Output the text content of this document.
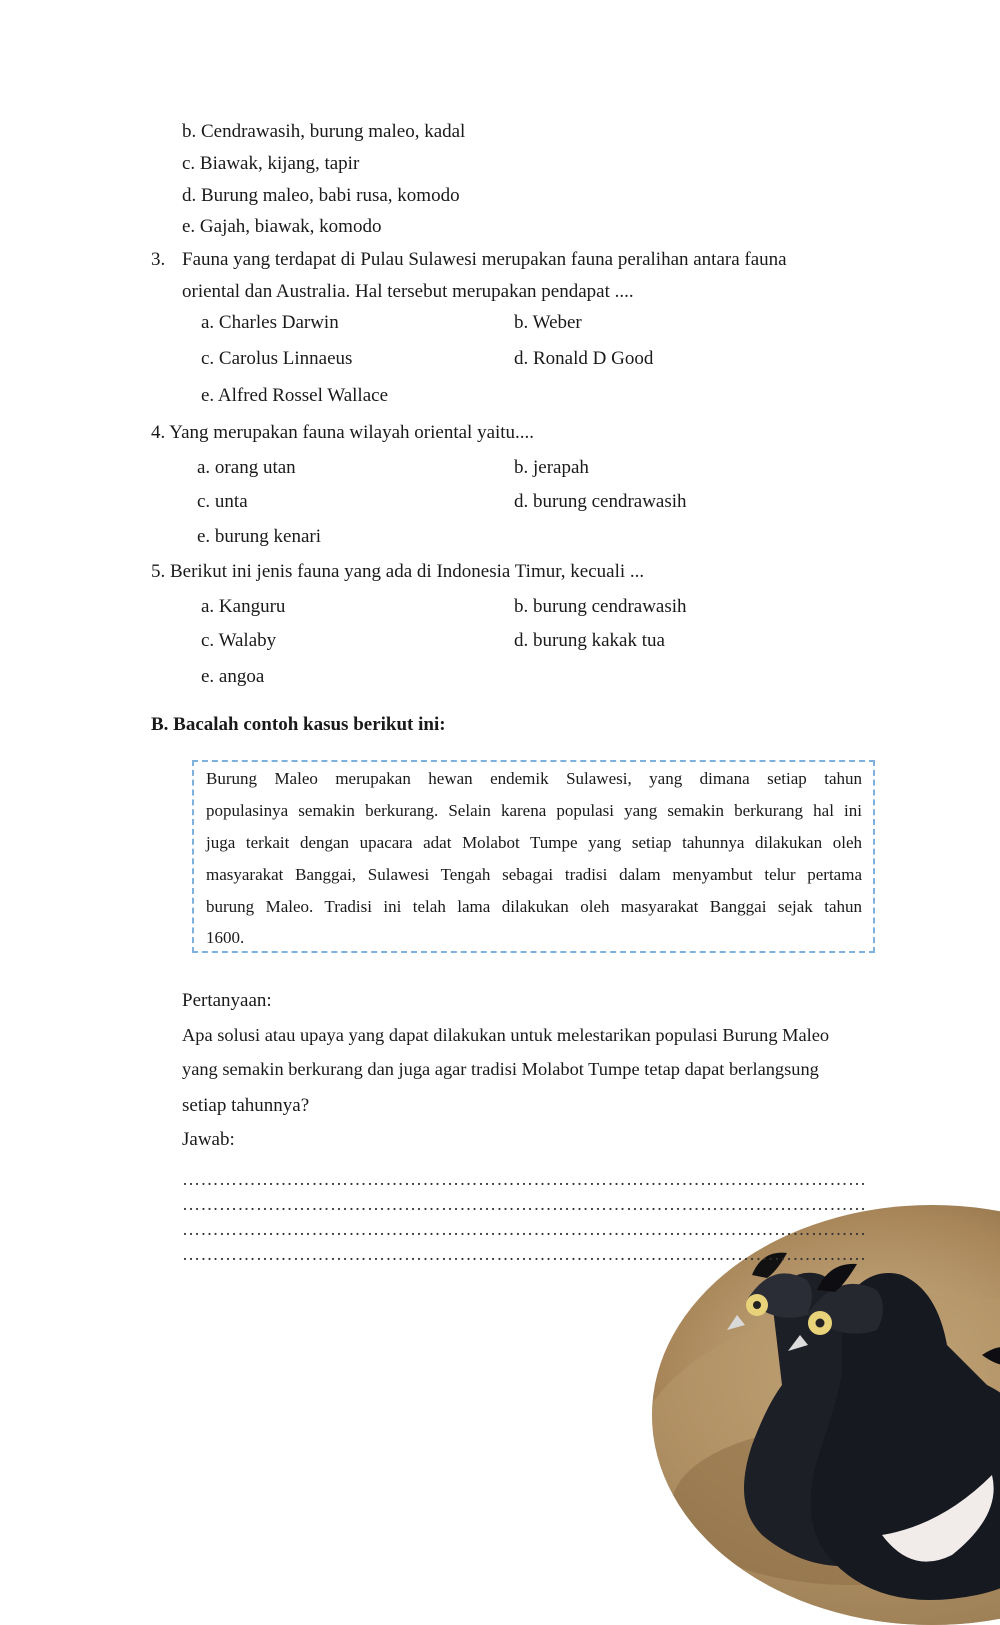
b. Cendrawasih, burung maleo, kadal
c. Biawak, kijang, tapir
d. Burung maleo, babi rusa, komodo
e. Gajah, biawak, komodo
3. Fauna yang terdapat di Pulau Sulawesi merupakan fauna peralihan antara fauna
oriental dan Australia. Hal tersebut merupakan pendapat ....
a. Charles Darwin	b. Weber
c. Carolus Linnaeus	d. Ronald D Good
e. Alfred Rossel Wallace
4. Yang merupakan fauna wilayah oriental yaitu....
a. orang utan	b. jerapah
c. unta	d. burung cendrawasih
e. burung kenari
5. Berikut ini jenis fauna yang ada di Indonesia Timur, kecuali ...
a. Kanguru	b. burung cendrawasih
c. Walaby	d. burung kakak tua
e. angoa
B. Bacalah contoh kasus berikut ini:
Burung Maleo merupakan hewan endemik Sulawesi, yang dimana setiap tahun
populasinya semakin berkurang. Selain karena populasi yang semakin berkurang hal ini
juga terkait dengan upacara adat Molabot Tumpe yang setiap tahunnya dilakukan oleh
masyarakat Banggai, Sulawesi Tengah sebagai tradisi dalam menyambut telur pertama
burung Maleo. Tradisi ini telah lama dilakukan oleh masyarakat Banggai sejak tahun
1600.
Pertanyaan:
Apa solusi atau upaya yang dapat dilakukan untuk melestarikan populasi Burung Maleo
yang semakin berkurang dan juga agar tradisi Molabot Tumpe tetap dapat berlangsung
setiap tahunnya?
Jawab:
…………………………………………………………………………………………………
…………………………………………………………………………………………………
…………………………………………………………………………………………………
…………………………………………………………………………………………………
